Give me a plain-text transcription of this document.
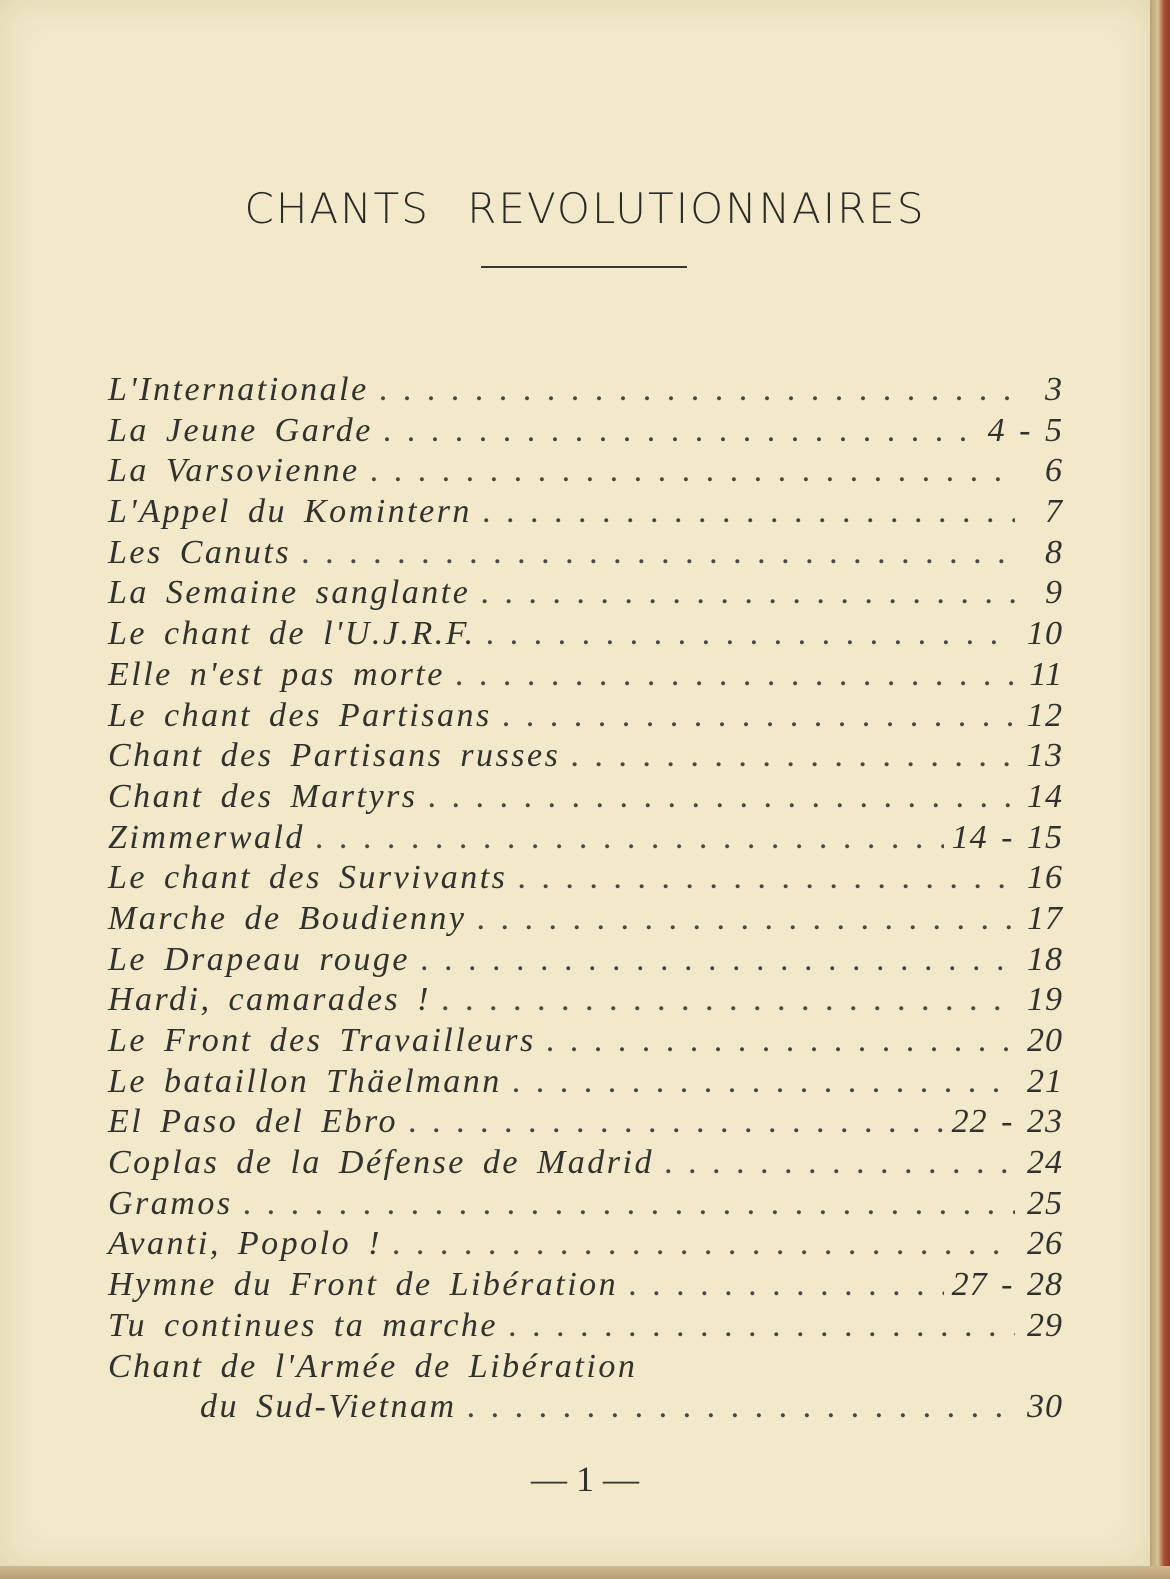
CHANTS REVOLUTIONNAIRES
L'Internationale . . .	3
La Jeune Garde . . .	4 - 5
La Varsovienne . . .	6
L'Appel du Komintern . . .	7
Les Canuts . . .	8
La Semaine sanglante . . .	9
Le chant de l'U.J.R.F. . . .	10
Elle n'est pas morte . . .	11
Le chant des Partisans . . .	12
Chant des Partisans russes . . .	13
Chant des Martyrs . . .	14
Zimmerwald . . .	14 - 15
Le chant des Survivants . . .	16
Marche de Boudienny . . .	17
Le Drapeau rouge . . .	18
Hardi, camarades ! . . .	19
Le Front des Travailleurs . . .	20
Le bataillon Thäelmann . . .	21
El Paso del Ebro . . .	22 - 23
Coplas de la Défense de Madrid . . .	24
Gramos . . .	25
Avanti, Popolo ! . . .	26
Hymne du Front de Libération . . .	27 - 28
Tu continues ta marche . . .	29
Chant de l'Armée de Libération
du Sud-Vietnam . . .	30
— 1 —
